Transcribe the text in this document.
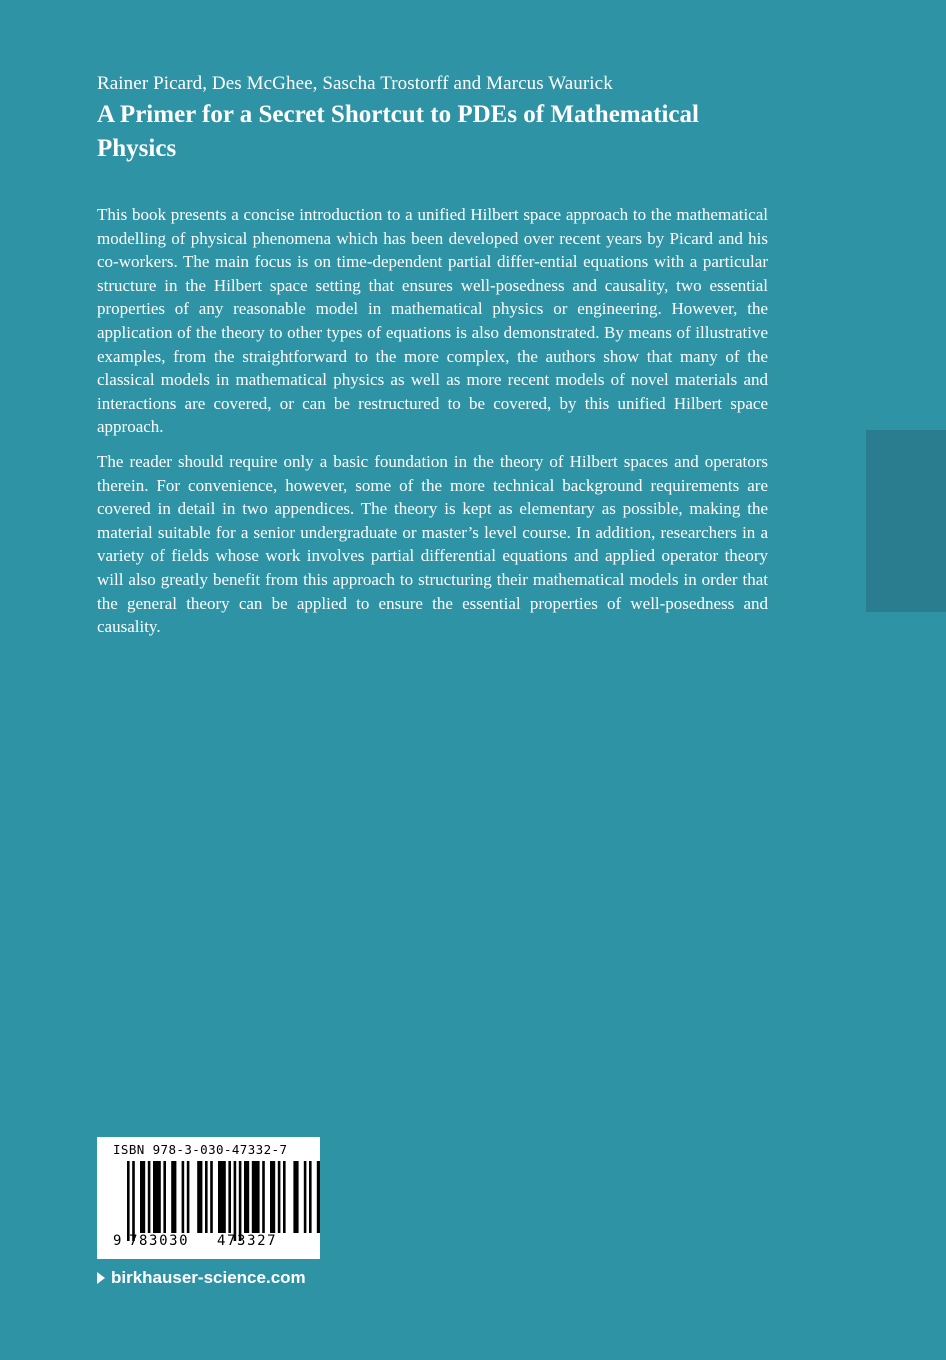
Rainer Picard, Des McGhee, Sascha Trostorff and Marcus Waurick
A Primer for a Secret Shortcut to PDEs of Mathematical Physics

This book presents a concise introduction to a unified Hilbert space approach to the mathematical modelling of physical phenomena which has been developed over recent years by Picard and his co-workers. The main focus is on time-dependent partial differ-ential equations with a particular structure in the Hilbert space setting that ensures well-posedness and causality, two essential properties of any reasonable model in mathematical physics or engineering. However, the application of the theory to other types of equations is also demonstrated. By means of illustrative examples, from the straightforward to the more complex, the authors show that many of the classical models in mathematical physics as well as more recent models of novel materials and interactions are covered, or can be restructured to be covered, by this unified Hilbert space approach.

The reader should require only a basic foundation in the theory of Hilbert spaces and operators therein. For convenience, however, some of the more technical background requirements are covered in detail in two appendices. The theory is kept as elementary as possible, making the material suitable for a senior undergraduate or master’s level course. In addition, researchers in a variety of fields whose work involves partial differential equations and applied operator theory will also greatly benefit from this approach to structuring their mathematical models in order that the general theory can be applied to ensure the essential properties of well-posedness and causality.

ISBN 978-3-030-47332-7
9 783030 473327
birkhauser-science.com
